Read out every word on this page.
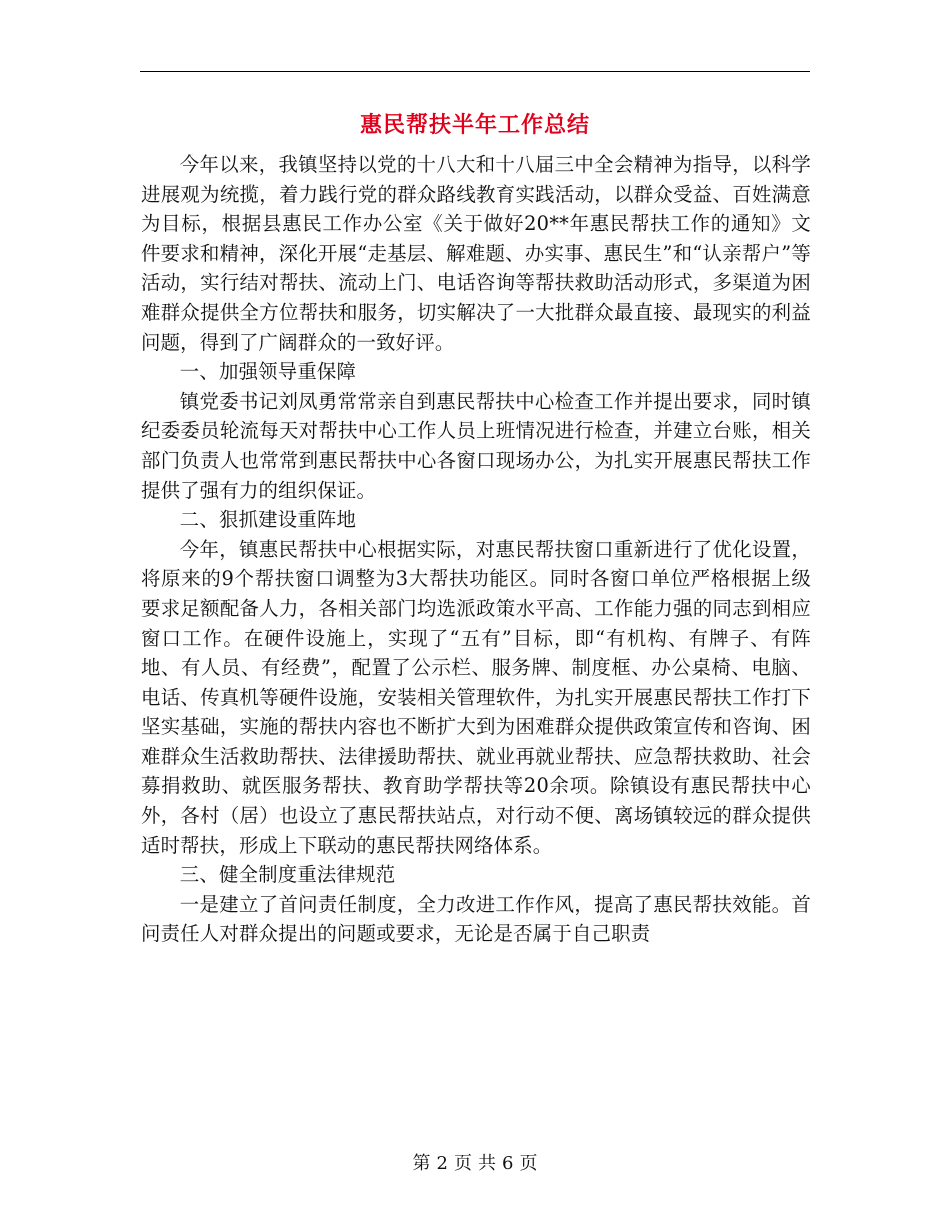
惠民帮扶半年工作总结

今年以来，我镇坚持以党的十八大和十八届三中全会精神为指导，以科学进展观为统揽，着力践行党的群众路线教育实践活动，以群众受益、百姓满意为目标，根据县惠民工作办公室《关于做好20**年惠民帮扶工作的通知》文件要求和精神，深化开展“走基层、解难题、办实事、惠民生”和“认亲帮户”等活动，实行结对帮扶、流动上门、电话咨询等帮扶救助活动形式，多渠道为困难群众提供全方位帮扶和服务，切实解决了一大批群众最直接、最现实的利益问题，得到了广阔群众的一致好评。

一、加强领导重保障

镇党委书记刘凤勇常常亲自到惠民帮扶中心检查工作并提出要求，同时镇纪委委员轮流每天对帮扶中心工作人员上班情况进行检查，并建立台账，相关部门负责人也常常到惠民帮扶中心各窗口现场办公，为扎实开展惠民帮扶工作提供了强有力的组织保证。

二、狠抓建设重阵地

今年，镇惠民帮扶中心根据实际，对惠民帮扶窗口重新进行了优化设置，将原来的9个帮扶窗口调整为3大帮扶功能区。同时各窗口单位严格根据上级要求足额配备人力，各相关部门均选派政策水平高、工作能力强的同志到相应窗口工作。在硬件设施上，实现了“五有”目标，即“有机构、有牌子、有阵地、有人员、有经费”，配置了公示栏、服务牌、制度框、办公桌椅、电脑、电话、传真机等硬件设施，安装相关管理软件，为扎实开展惠民帮扶工作打下坚实基础，实施的帮扶内容也不断扩大到为困难群众提供政策宣传和咨询、困难群众生活救助帮扶、法律援助帮扶、就业再就业帮扶、应急帮扶救助、社会募捐救助、就医服务帮扶、教育助学帮扶等20余项。除镇设有惠民帮扶中心外，各村（居）也设立了惠民帮扶站点，对行动不便、离场镇较远的群众提供适时帮扶，形成上下联动的惠民帮扶网络体系。

三、健全制度重法律规范

一是建立了首问责任制度，全力改进工作作风，提高了惠民帮扶效能。首问责任人对群众提出的问题或要求，无论是否属于自己职责

第 2 页 共 6 页
